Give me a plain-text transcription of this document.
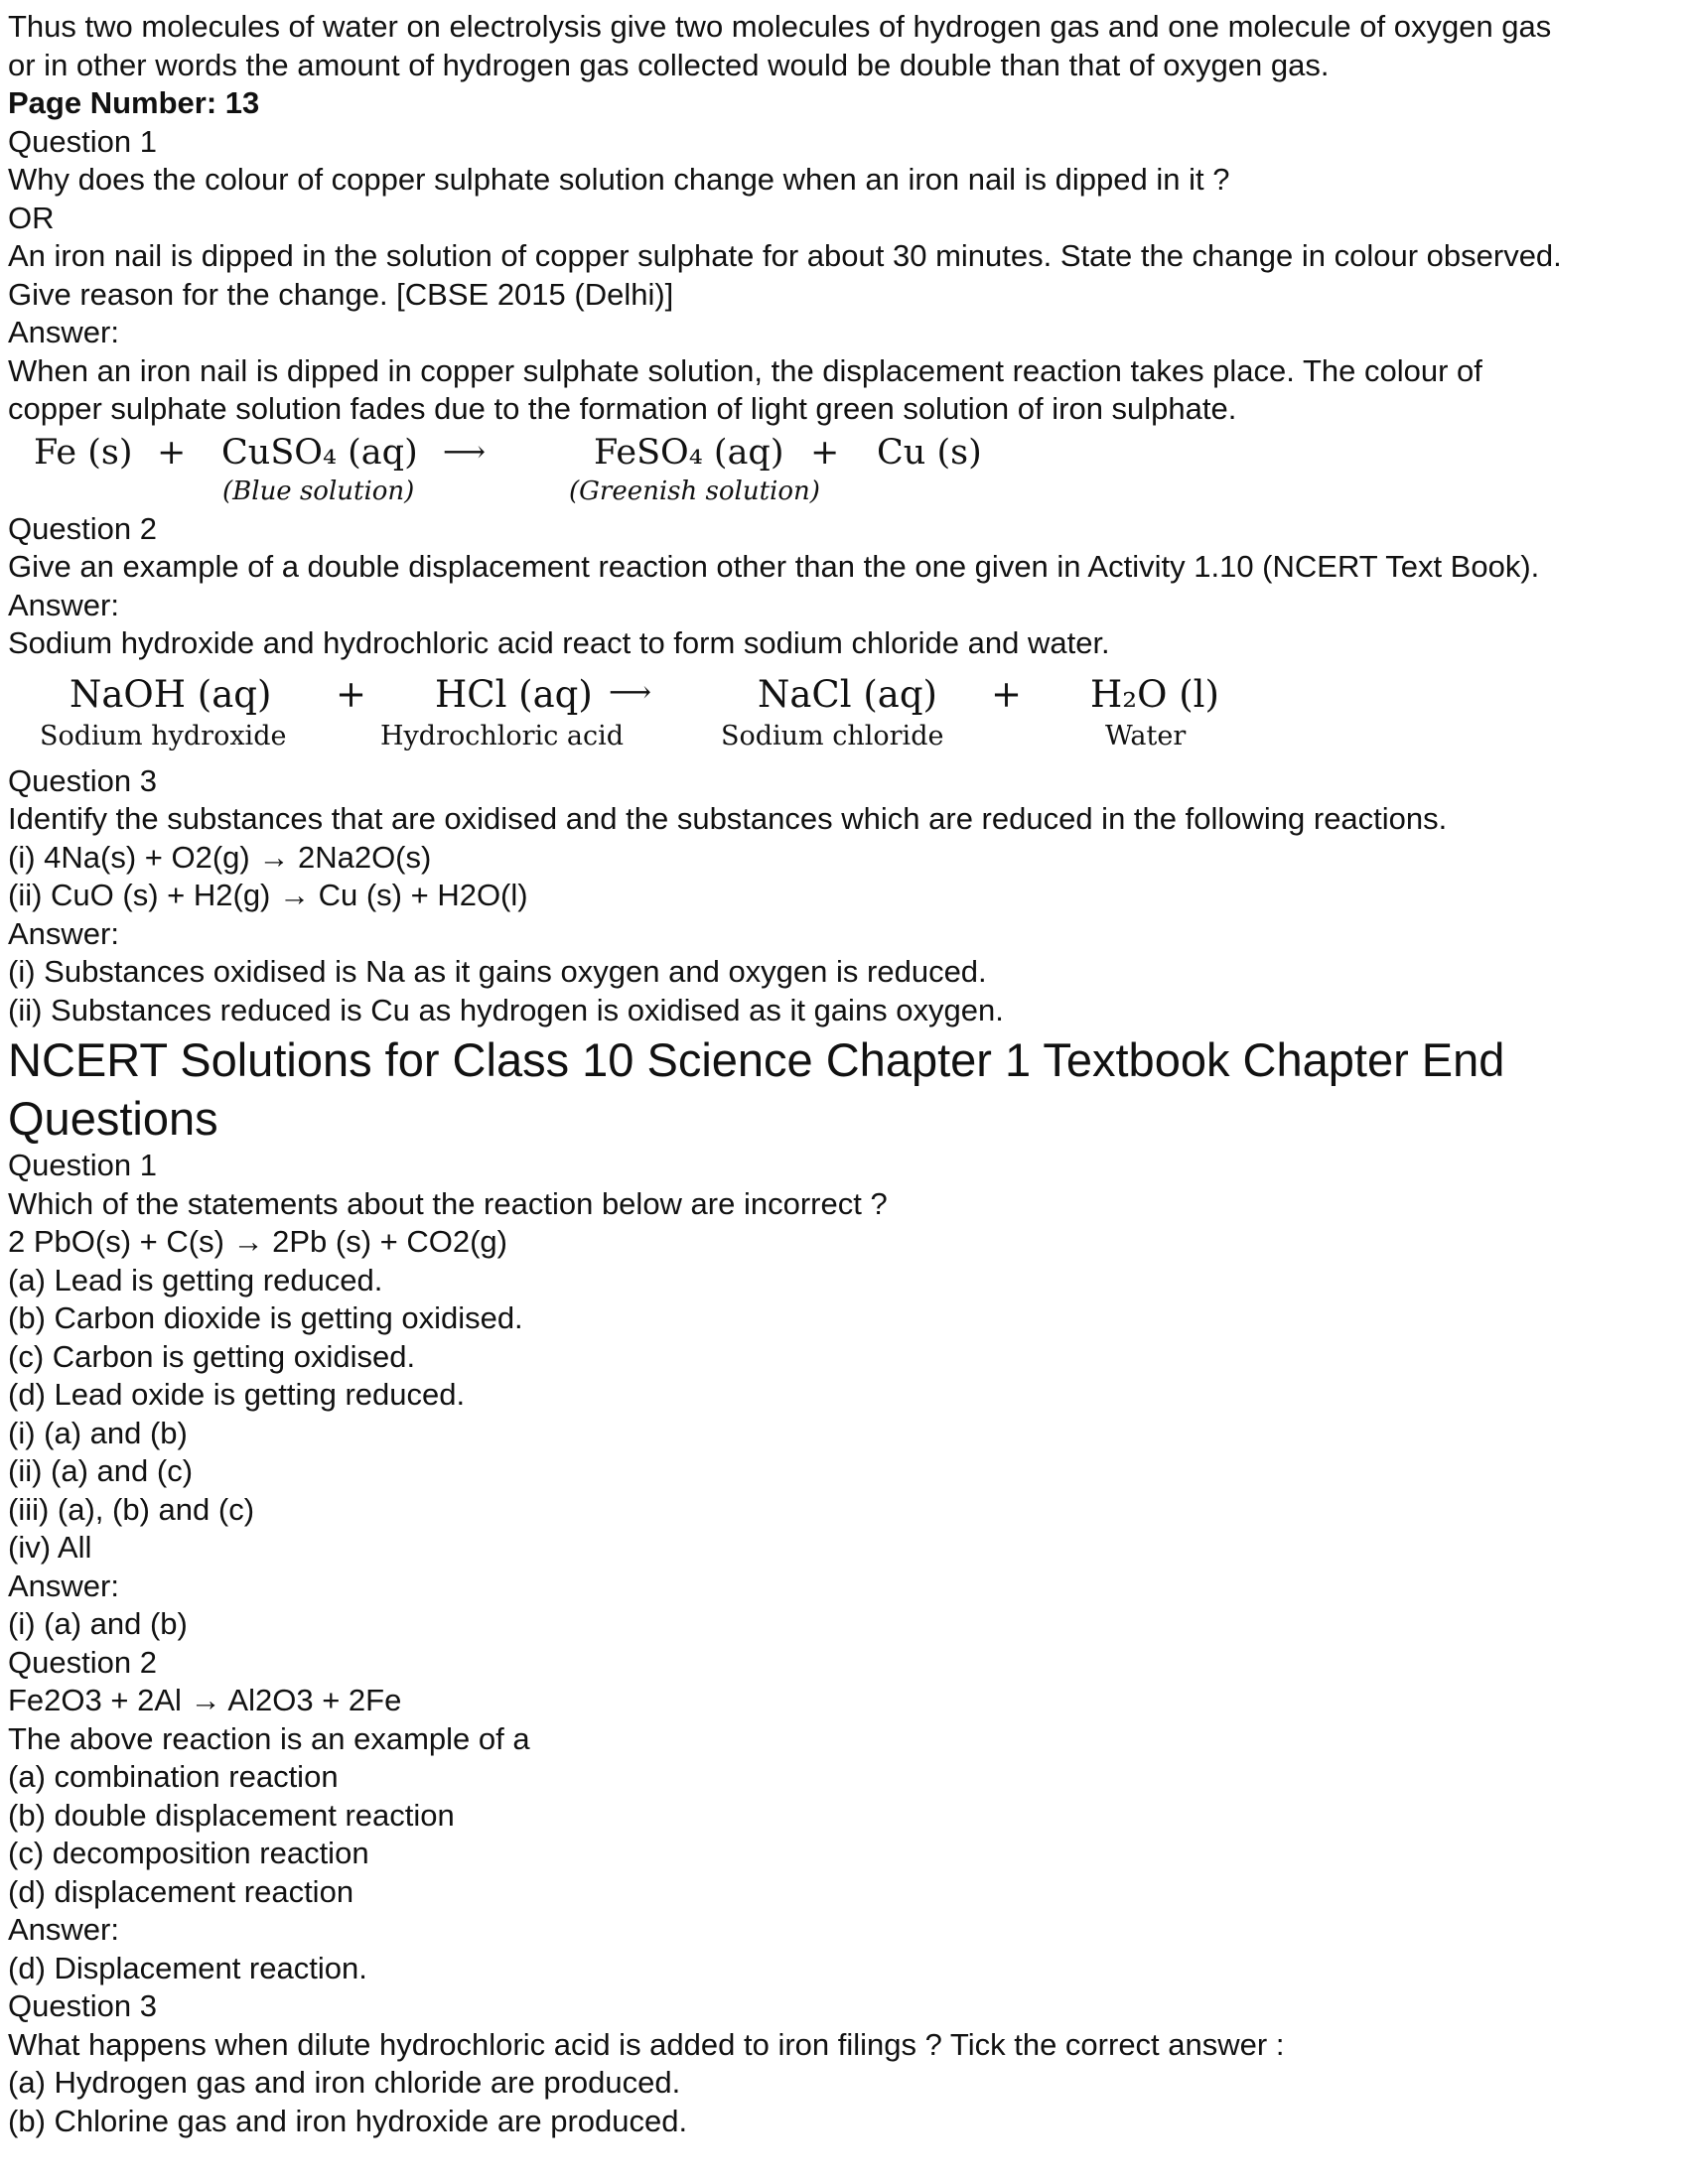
Thus two molecules of water on electrolysis give two molecules of hydrogen gas and one molecule of oxygen gas
or in other words the amount of hydrogen gas collected would be double than that of oxygen gas.
Page Number: 13
Question 1
Why does the colour of copper sulphate solution change when an iron nail is dipped in it ?
OR
An iron nail is dipped in the solution of copper sulphate for about 30 minutes. State the change in colour observed.
Give reason for the change. [CBSE 2015 (Delhi)]
Answer:
When an iron nail is dipped in copper sulphate solution, the displacement reaction takes place. The colour of
copper sulphate solution fades due to the formation of light green solution of iron sulphate.
Fe (s) + CuSO₄ (aq) ⟶	FeSO₄ (aq) + Cu (s)
(Blue solution)	(Greenish solution)
Question 2
Give an example of a double displacement reaction other than the one given in Activity 1.10 (NCERT Text Book).
Answer:
Sodium hydroxide and hydrochloric acid react to form sodium chloride and water.
NaOH (aq) + HCl (aq) ⟶	NaCl (aq) + H₂O (l)
Sodium hydroxide	Hydrochloric acid	Sodium chloride	Water
Question 3
Identify the substances that are oxidised and the substances which are reduced in the following reactions.
(i) 4Na(s) + O2(g) → 2Na2O(s)
(ii) CuO (s) + H2(g) → Cu (s) + H2O(l)
Answer:
(i) Substances oxidised is Na as it gains oxygen and oxygen is reduced.
(ii) Substances reduced is Cu as hydrogen is oxidised as it gains oxygen.
NCERT Solutions for Class 10 Science Chapter 1 Textbook Chapter End
Questions
Question 1
Which of the statements about the reaction below are incorrect ?
2 PbO(s) + C(s) → 2Pb (s) + CO2(g)
(a) Lead is getting reduced.
(b) Carbon dioxide is getting oxidised.
(c) Carbon is getting oxidised.
(d) Lead oxide is getting reduced.
(i) (a) and (b)
(ii) (a) and (c)
(iii) (a), (b) and (c)
(iv) All
Answer:
(i) (a) and (b)
Question 2
Fe2O3 + 2Al → Al2O3 + 2Fe
The above reaction is an example of a
(a) combination reaction
(b) double displacement reaction
(c) decomposition reaction
(d) displacement reaction
Answer:
(d) Displacement reaction.
Question 3
What happens when dilute hydrochloric acid is added to iron filings ? Tick the correct answer :
(a) Hydrogen gas and iron chloride are produced.
(b) Chlorine gas and iron hydroxide are produced.
